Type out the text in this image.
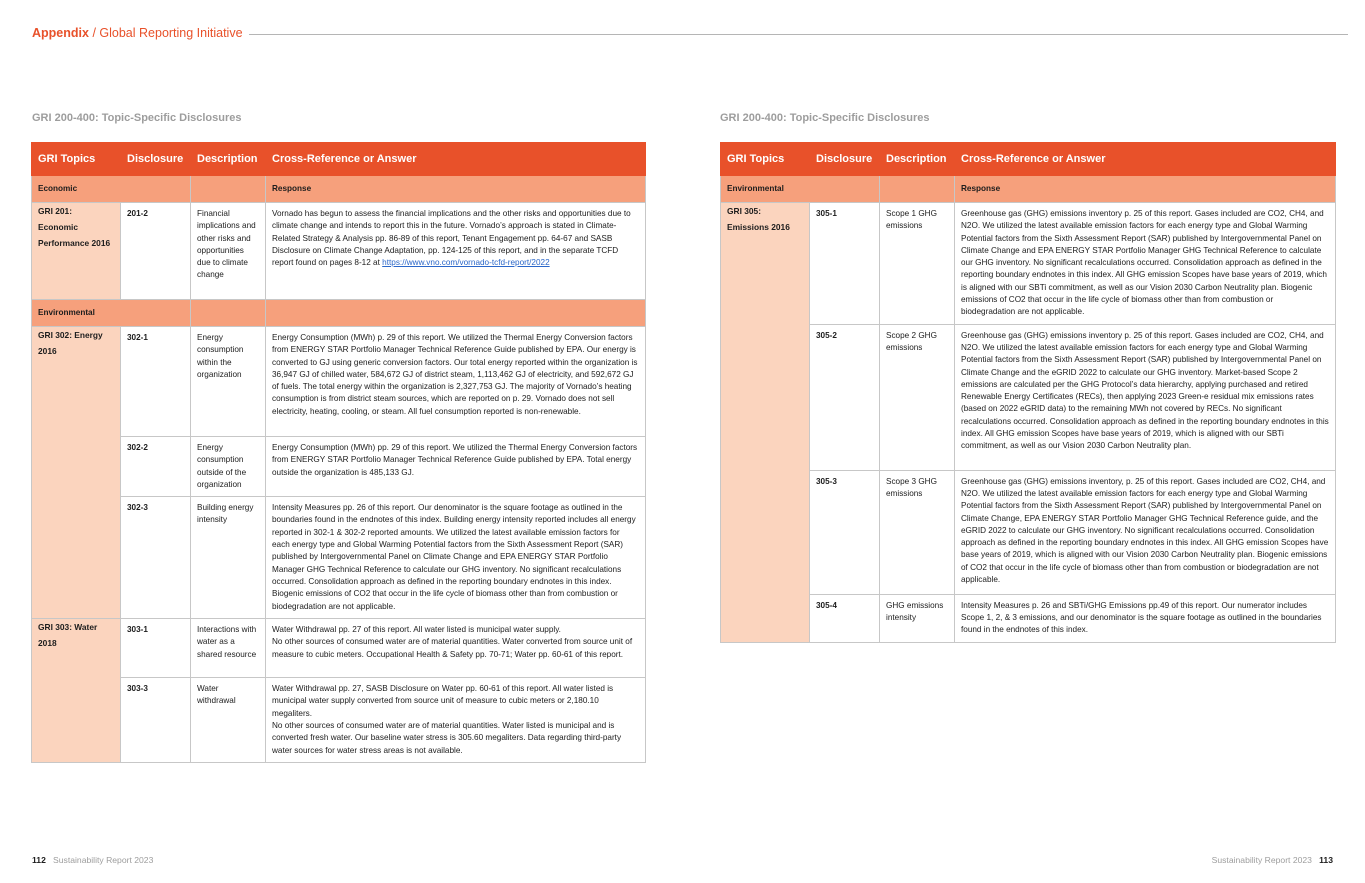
Appendix / Global Reporting Initiative
GRI 200-400: Topic-Specific Disclosures
GRI Topics	Disclosure	Description	Cross-Reference or Answer
Economic			Response
GRI 201: Economic Performance 2016	201-2	Financial implications and other risks and opportunities due to climate change	Vornado has begun to assess the financial implications and the other risks and opportunities due to climate change and intends to report this in the future. Vornado’s approach is stated in Climate-Related Strategy & Analysis pp. 86-89 of this report, Tenant Engagement pp. 64-67 and SASB Disclosure on Climate Change Adaptation, pp. 124-125 of this report, and in the separate TCFD report found on pages 8-12 at https://www.vno.com/vornado-tcfd-report/2022
Environmental			
GRI 302: Energy 2016	302-1	Energy consumption within the organization	Energy Consumption (MWh) p. 29 of this report. We utilized the Thermal Energy Conversion factors from ENERGY STAR Portfolio Manager Technical Reference Guide published by EPA. Our energy is converted to GJ using generic conversion factors. Our total energy reported within the organization is 36,947 GJ of chilled water, 584,672 GJ of district steam, 1,113,462 GJ of electricity, and 592,672 GJ of fuels. The total energy within the organization is 2,327,753 GJ. The majority of Vornado’s heating consumption is from district steam sources, which are reported on p. 29. Vornado does not sell electricity, heating, cooling, or steam. All fuel consumption reported is non-renewable.
	302-2	Energy consumption outside of the organization	Energy Consumption (MWh) pp. 29 of this report. We utilized the Thermal Energy Conversion factors from ENERGY STAR Portfolio Manager Technical Reference Guide published by EPA. Total energy outside the organization is 485,133 GJ.
	302-3	Building energy intensity	Intensity Measures pp. 26 of this report. Our denominator is the square footage as outlined in the boundaries found in the endnotes of this index. Building energy intensity reported includes all energy reported in 302-1 & 302-2 reported amounts. We utilized the latest available emission factors for each energy type and Global Warming Potential factors from the Sixth Assessment Report (SAR) published by Intergovernmental Panel on Climate Change and EPA ENERGY STAR Portfolio Manager GHG Technical Reference to calculate our GHG inventory. No significant recalculations occurred. Consolidation approach as defined in the reporting boundary endnotes in this index. Biogenic emissions of CO2 that occur in the life cycle of biomass other than from combustion or biodegradation are not applicable.
GRI 303: Water 2018	303-1	Interactions with water as a shared resource	Water Withdrawal pp. 27 of this report. All water listed is municipal water supply.
No other sources of consumed water are of material quantities. Water converted from source unit of measure to cubic meters. Occupational Health & Safety pp. 70-71; Water pp. 60-61 of this report.
	303-3	Water withdrawal	Water Withdrawal pp. 27, SASB Disclosure on Water pp. 60-61 of this report. All water listed is municipal water supply converted from source unit of measure to cubic meters or 2,180.10 megaliters.
No other sources of consumed water are of material quantities. Water listed is municipal and is converted fresh water. Our baseline water stress is 305.60 megaliters. Data regarding third-party water sources for water stress areas is not available.
GRI 200-400: Topic-Specific Disclosures
GRI Topics	Disclosure	Description	Cross-Reference or Answer
Environmental			Response
GRI 305: Emissions 2016	305-1	Scope 1 GHG emissions	Greenhouse gas (GHG) emissions inventory p. 25 of this report. Gases included are CO2, CH4, and N2O. We utilized the latest available emission factors for each energy type and Global Warming Potential factors from the Sixth Assessment Report (SAR) published by Intergovernmental Panel on Climate Change and EPA ENERGY STAR Portfolio Manager GHG Technical Reference to calculate our GHG inventory. No significant recalculations occurred. Consolidation approach as defined in the reporting boundary endnotes in this index. All GHG emission Scopes have base years of 2019, which is aligned with our SBTi commitment, as well as our Vision 2030 Carbon Neutrality plan. Biogenic emissions of CO2 that occur in the life cycle of biomass other than from combustion or biodegradation are not applicable.
	305-2	Scope 2 GHG emissions	Greenhouse gas (GHG) emissions inventory p. 25 of this report. Gases included are CO2, CH4, and N2O. We utilized the latest available emission factors for each energy type and Global Warming Potential factors from the Sixth Assessment Report (SAR) published by Intergovernmental Panel on Climate Change and the eGRID 2022 to calculate our GHG inventory. Market-based Scope 2 emissions are calculated per the GHG Protocol’s data hierarchy, applying purchased and retired Renewable Energy Certificates (RECs), then applying 2023 Green-e residual mix emissions rates (based on 2022 eGRID data) to the remaining MWh not covered by RECs. No significant recalculations occurred. Consolidation approach as defined in the reporting boundary endnotes in this index. All GHG emission Scopes have base years of 2019, which is aligned with our SBTi commitment, as well as our Vision 2030 Carbon Neutrality plan.
	305-3	Scope 3 GHG emissions	Greenhouse gas (GHG) emissions inventory, p. 25 of this report. Gases included are CO2, CH4, and N2O. We utilized the latest available emission factors for each energy type and Global Warming Potential factors from the Sixth Assessment Report (SAR) published by Intergovernmental Panel on Climate Change, EPA ENERGY STAR Portfolio Manager GHG Technical Reference guide, and the eGRID 2022 to calculate our GHG inventory. No significant recalculations occurred. Consolidation approach as defined in the reporting boundary endnotes in this index. All GHG emission Scopes have base years of 2019, which is aligned with our Vision 2030 Carbon Neutrality plan. Biogenic emissions of CO2 that occur in the life cycle of biomass other than from combustion or biodegradation are not applicable.
	305-4	GHG emissions intensity	Intensity Measures p. 26 and SBTi/GHG Emissions pp.49 of this report. Our numerator includes Scope 1, 2, & 3 emissions, and our denominator is the square footage as outlined in the boundaries found in the endnotes of this index.
112 Sustainability Report 2023	Sustainability Report 2023 113
